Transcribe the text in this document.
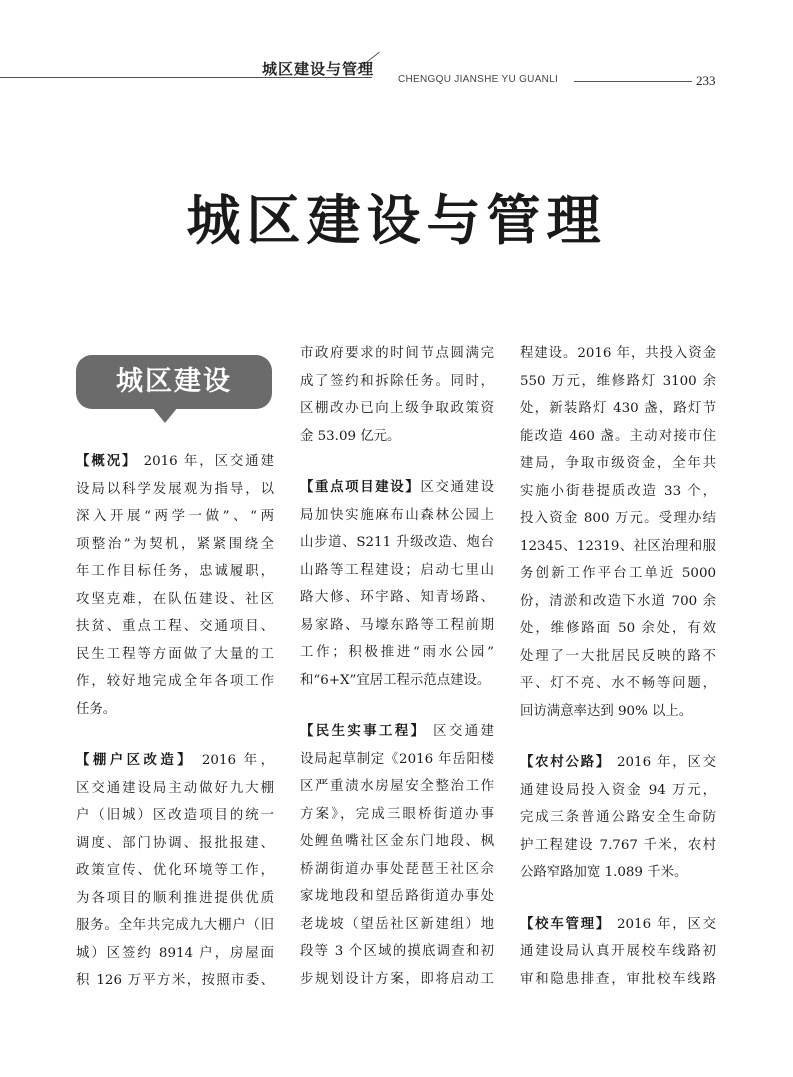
城区建设与管理
CHENGQU JIANSHE YU GUANLI	233
城区建设与管理
城区建设
【概况】 2016 年，区交通建
设局以科学发展观为指导，以
深入开展“两学一做”、“两
项整治”为契机，紧紧围绕全
年工作目标任务，忠诚履职，
攻坚克难，在队伍建设、社区
扶贫、重点工程、交通项目、
民生工程等方面做了大量的工
作，较好地完成全年各项工作
任务。
【棚户区改造】 2016 年，
区交通建设局主动做好九大棚
户（旧城）区改造项目的统一
调度、部门协调、报批报建、
政策宣传、优化环境等工作，
为各项目的顺利推进提供优质
服务。全年共完成九大棚户（旧
城）区签约 8914 户，房屋面
积 126 万平方米，按照市委、
市政府要求的时间节点圆满完
成了签约和拆除任务。同时，
区棚改办已向上级争取政策资
金 53.09 亿元。
【重点项目建设】区交通建设
局加快实施麻布山森林公园上
山步道、S211 升级改造、炮台
山路等工程建设；启动七里山
路大修、环宇路、知青场路、
易家路、马壕东路等工程前期
工作；积极推进“雨水公园”
和“6+X”宜居工程示范点建设。
【民生实事工程】 区交通建
设局起草制定《2016 年岳阳楼
区严重渍水房屋安全整治工作
方案》，完成三眼桥街道办事
处鲤鱼嘴社区金东门地段、枫
桥湖街道办事处琵琶王社区佘
家垅地段和望岳路街道办事处
老垅坡（望岳社区新建组）地
段等 3 个区域的摸底调查和初
步规划设计方案，即将启动工
程建设。2016 年，共投入资金
550 万元，维修路灯 3100 余
处，新装路灯 430 盏，路灯节
能改造 460 盏。主动对接市住
建局，争取市级资金，全年共
实施小街巷提质改造 33 个，
投入资金 800 万元。受理办结
12345、12319、社区治理和服
务创新工作平台工单近 5000
份，清淤和改造下水道 700 余
处，维修路面 50 余处，有效
处理了一大批居民反映的路不
平、灯不亮、水不畅等问题，
回访满意率达到 90% 以上。
【农村公路】 2016 年，区交
通建设局投入资金 94 万元，
完成三条普通公路安全生命防
护工程建设 7.767 千米，农村
公路窄路加宽 1.089 千米。
【校车管理】 2016 年，区交
通建设局认真开展校车线路初
审和隐患排查，审批校车线路
